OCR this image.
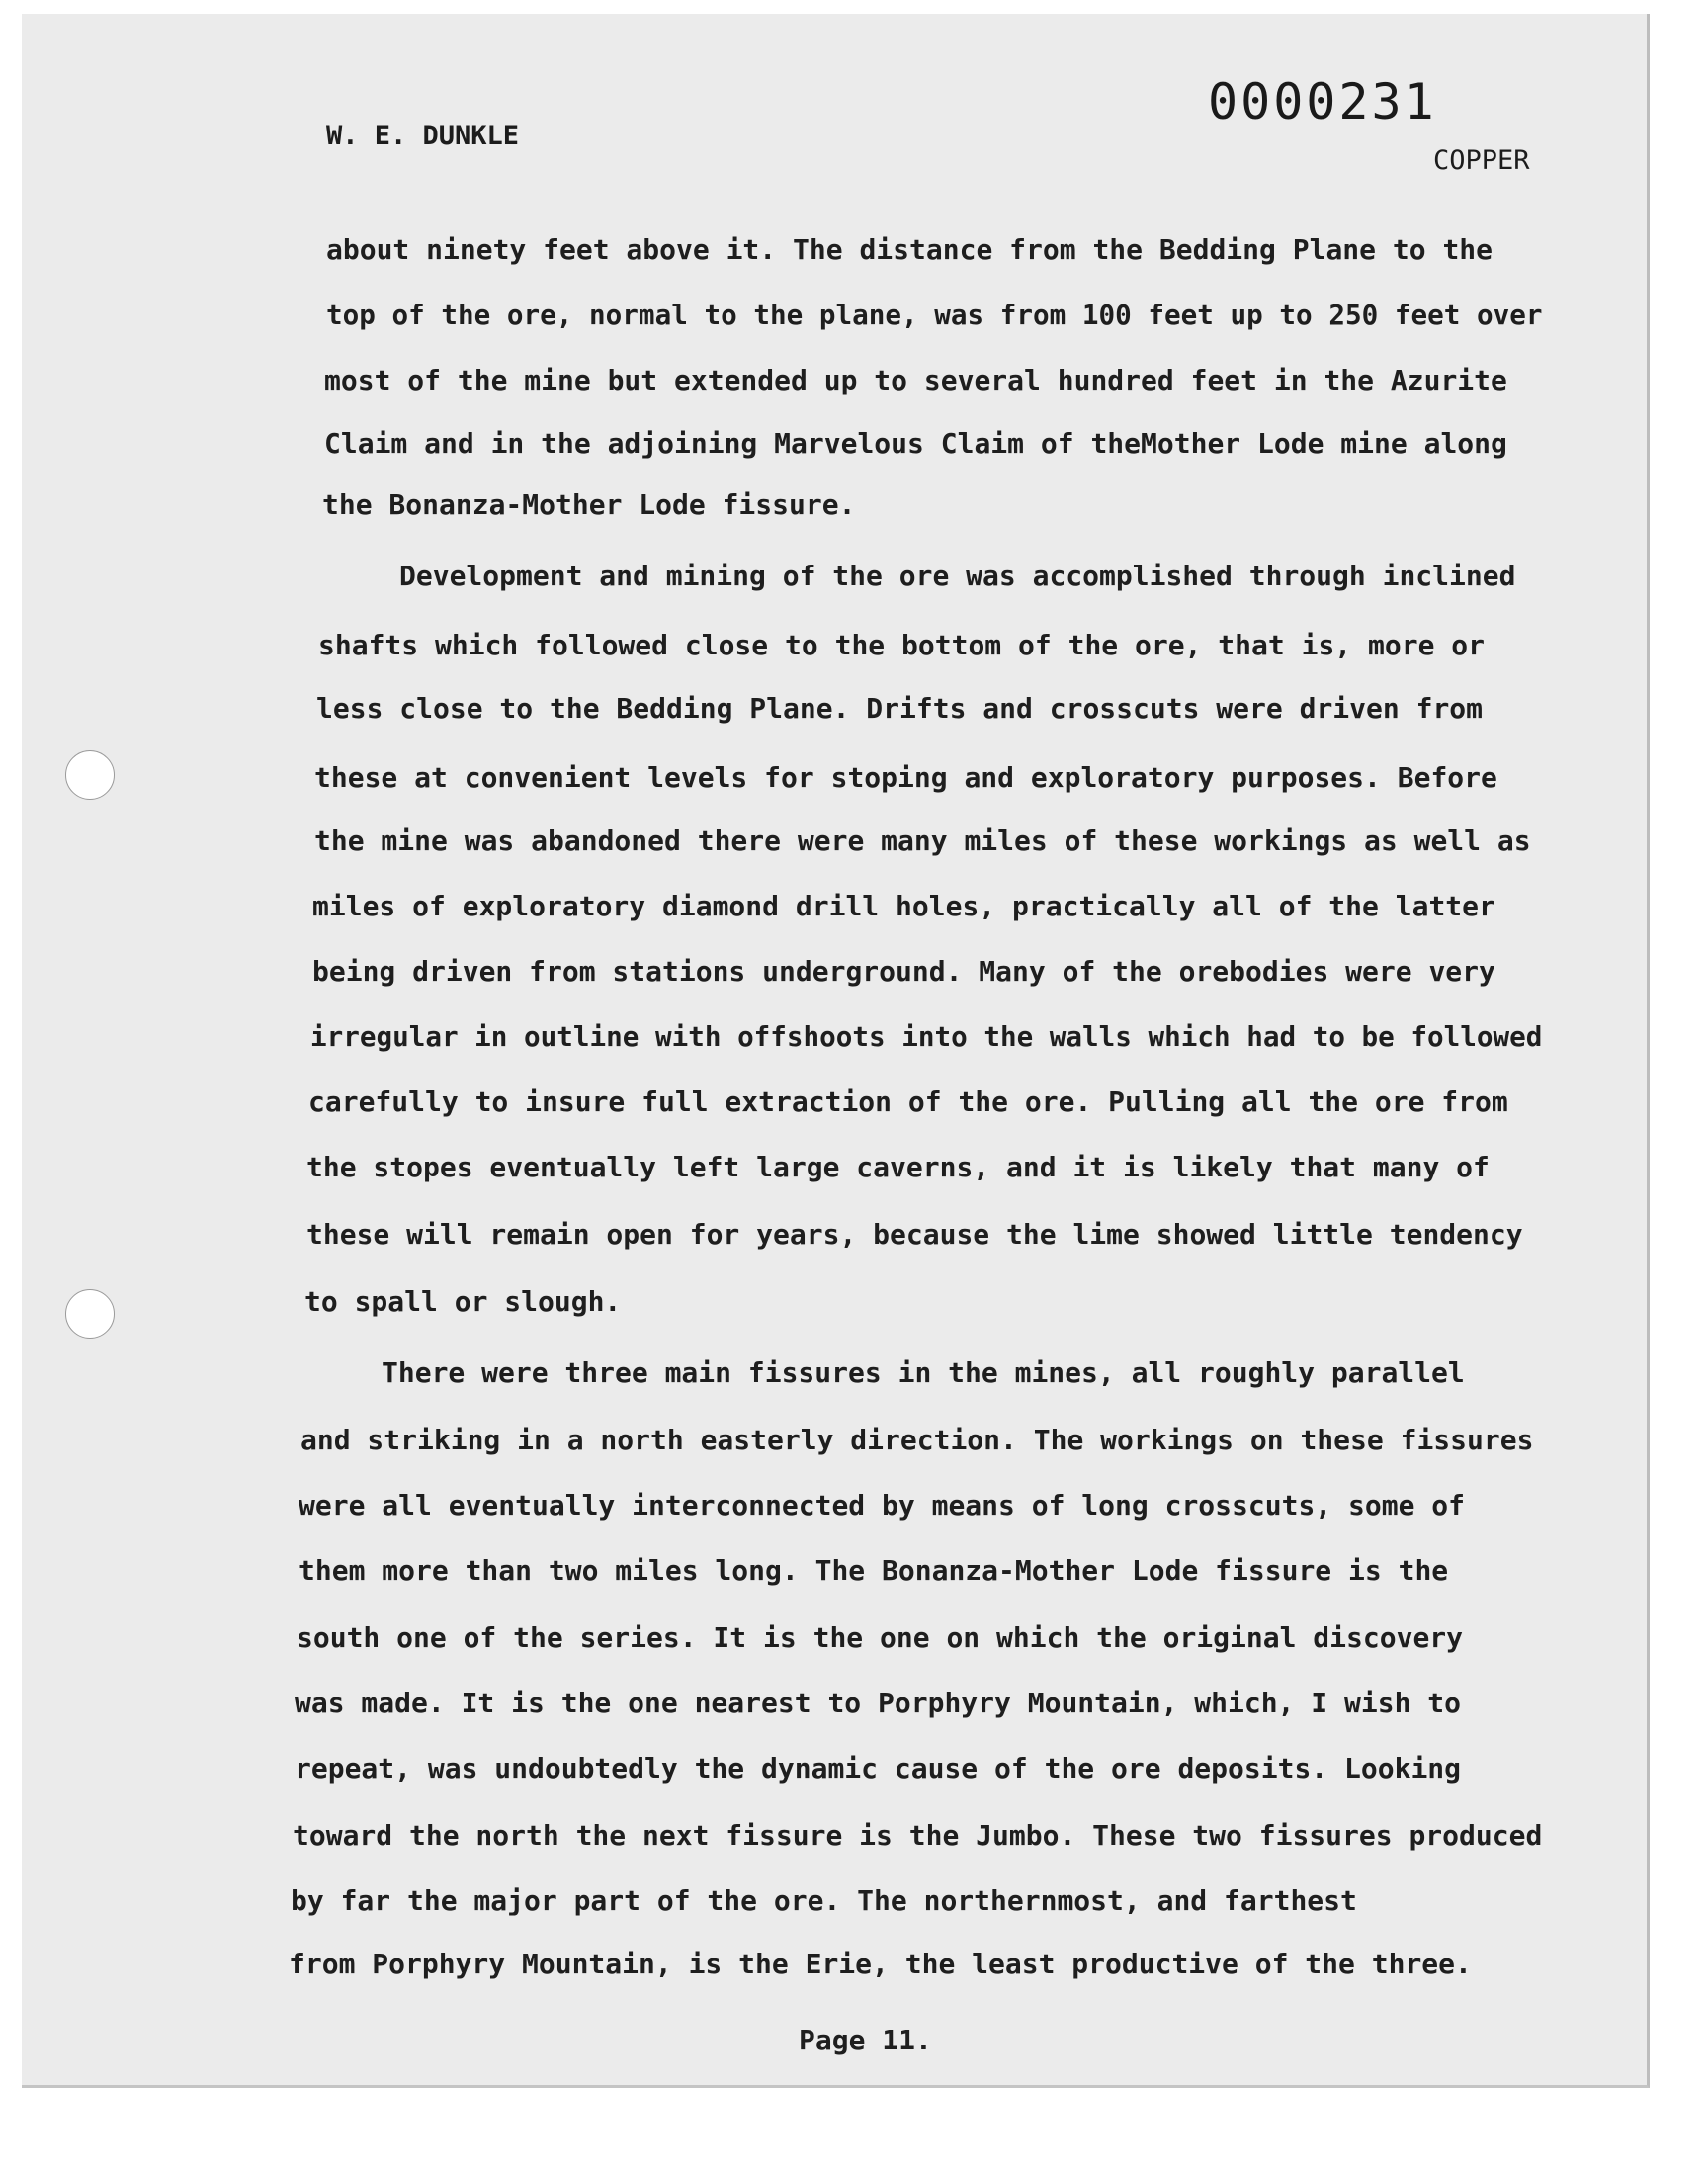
0000231
W. E. DUNKLE
COPPER
about ninety feet above it. The distance from the Bedding Plane to the
top of the ore, normal to the plane, was from 100 feet up to 250 feet over
most of the mine but extended up to several hundred feet in the Azurite
Claim and in the adjoining Marvelous Claim of theMother Lode mine along
the Bonanza-Mother Lode fissure.
Development and mining of the ore was accomplished through inclined
shafts which followed close to the bottom of the ore, that is, more or
less close to the Bedding Plane. Drifts and crosscuts were driven from
these at convenient levels for stoping and exploratory purposes. Before
the mine was abandoned there were many miles of these workings as well as
miles of exploratory diamond drill holes, practically all of the latter
being driven from stations underground. Many of the orebodies were very
irregular in outline with offshoots into the walls which had to be followed
carefully to insure full extraction of the ore. Pulling all the ore from
the stopes eventually left large caverns, and it is likely that many of
these will remain open for years, because the lime showed little tendency
to spall or slough.
There were three main fissures in the mines, all roughly parallel
and striking in a north easterly direction. The workings on these fissures
were all eventually interconnected by means of long crosscuts, some of
them more than two miles long. The Bonanza-Mother Lode fissure is the
south one of the series. It is the one on which the original discovery
was made. It is the one nearest to Porphyry Mountain, which, I wish to
repeat, was undoubtedly the dynamic cause of the ore deposits. Looking
toward the north the next fissure is the Jumbo. These two fissures produced
by far the major part of the ore. The northernmost, and farthest
from Porphyry Mountain, is the Erie, the least productive of the three.
Page 11.
